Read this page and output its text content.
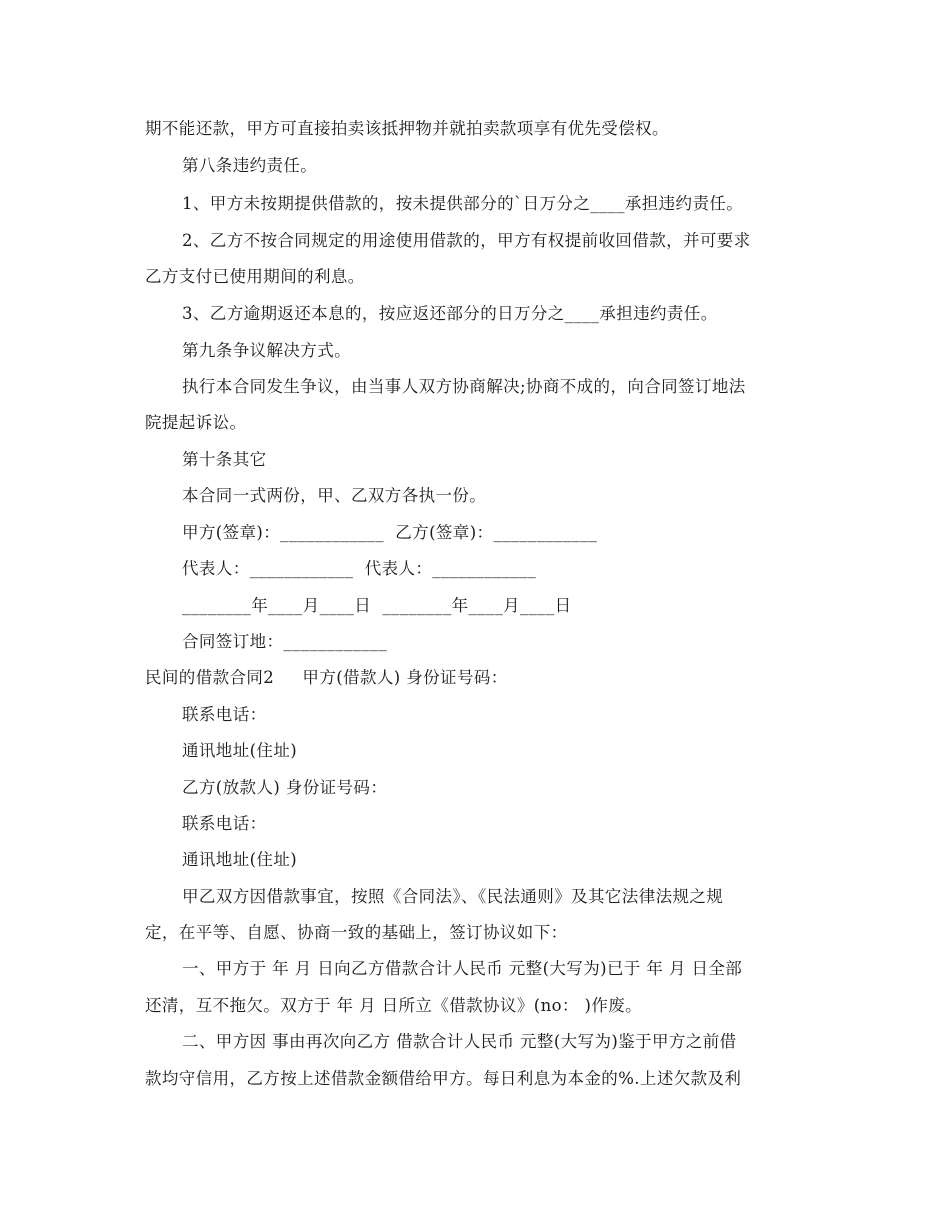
期不能还款，甲方可直接拍卖该抵押物并就拍卖款项享有优先受偿权。
第八条违约责任。
1、甲方未按期提供借款的，按未提供部分的`日万分之____承担违约责任。
2、乙方不按合同规定的用途使用借款的，甲方有权提前收回借款，并可要求
乙方支付已使用期间的利息。
3、乙方逾期返还本息的，按应返还部分的日万分之____承担违约责任。
第九条争议解决方式。
执行本合同发生争议，由当事人双方协商解决;协商不成的，向合同签订地法
院提起诉讼。
第十条其它
本合同一式两份，甲、乙双方各执一份。
甲方(签章)：____________  乙方(签章)：____________
代表人：____________  代表人：____________
________年____月____日  ________年____月____日
合同签订地：____________
民间的借款合同2     甲方(借款人) 身份证号码：
联系电话：
通讯地址(住址)
乙方(放款人) 身份证号码：
联系电话：
通讯地址(住址)
甲乙双方因借款事宜，按照《合同法》、《民法通则》及其它法律法规之规
定，在平等、自愿、协商一致的基础上，签订协议如下：
一、甲方于 年 月 日向乙方借款合计人民币 元整(大写为)已于 年 月 日全部
还清，互不拖欠。双方于 年 月 日所立《借款协议》(no： )作废。
二、甲方因 事由再次向乙方 借款合计人民币 元整(大写为)鉴于甲方之前借
款均守信用，乙方按上述借款金额借给甲方。每日利息为本金的%.上述欠款及利
